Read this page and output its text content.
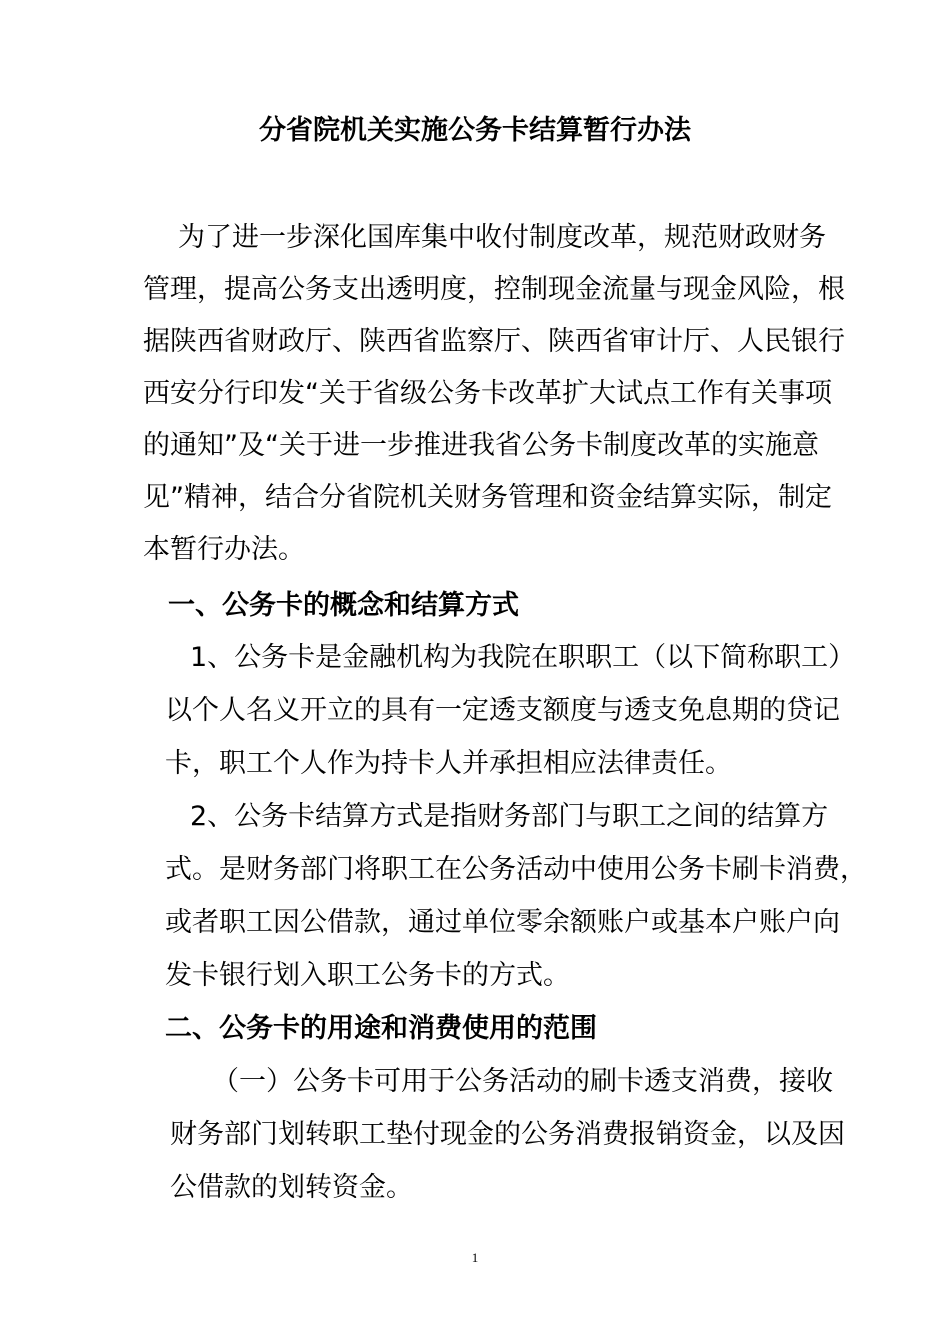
分省院机关实施公务卡结算暂行办法
为了进一步深化国库集中收付制度改革，规范财政财务
管理，提高公务支出透明度，控制现金流量与现金风险，根
据陕西省财政厅、陕西省监察厅、陕西省审计厅、人民银行
西安分行印发“关于省级公务卡改革扩大试点工作有关事项
的通知”及“关于进一步推进我省公务卡制度改革的实施意
见”精神，结合分省院机关财务管理和资金结算实际，制定
本暂行办法。
一、公务卡的概念和结算方式
1、公务卡是金融机构为我院在职职工（以下简称职工）
以个人名义开立的具有一定透支额度与透支免息期的贷记
卡，职工个人作为持卡人并承担相应法律责任。
2、公务卡结算方式是指财务部门与职工之间的结算方
式。是财务部门将职工在公务活动中使用公务卡刷卡消费，
或者职工因公借款，通过单位零余额账户或基本户账户向
发卡银行划入职工公务卡的方式。
二、公务卡的用途和消费使用的范围
（一）公务卡可用于公务活动的刷卡透支消费，接收
财务部门划转职工垫付现金的公务消费报销资金，以及因
公借款的划转资金。
1
